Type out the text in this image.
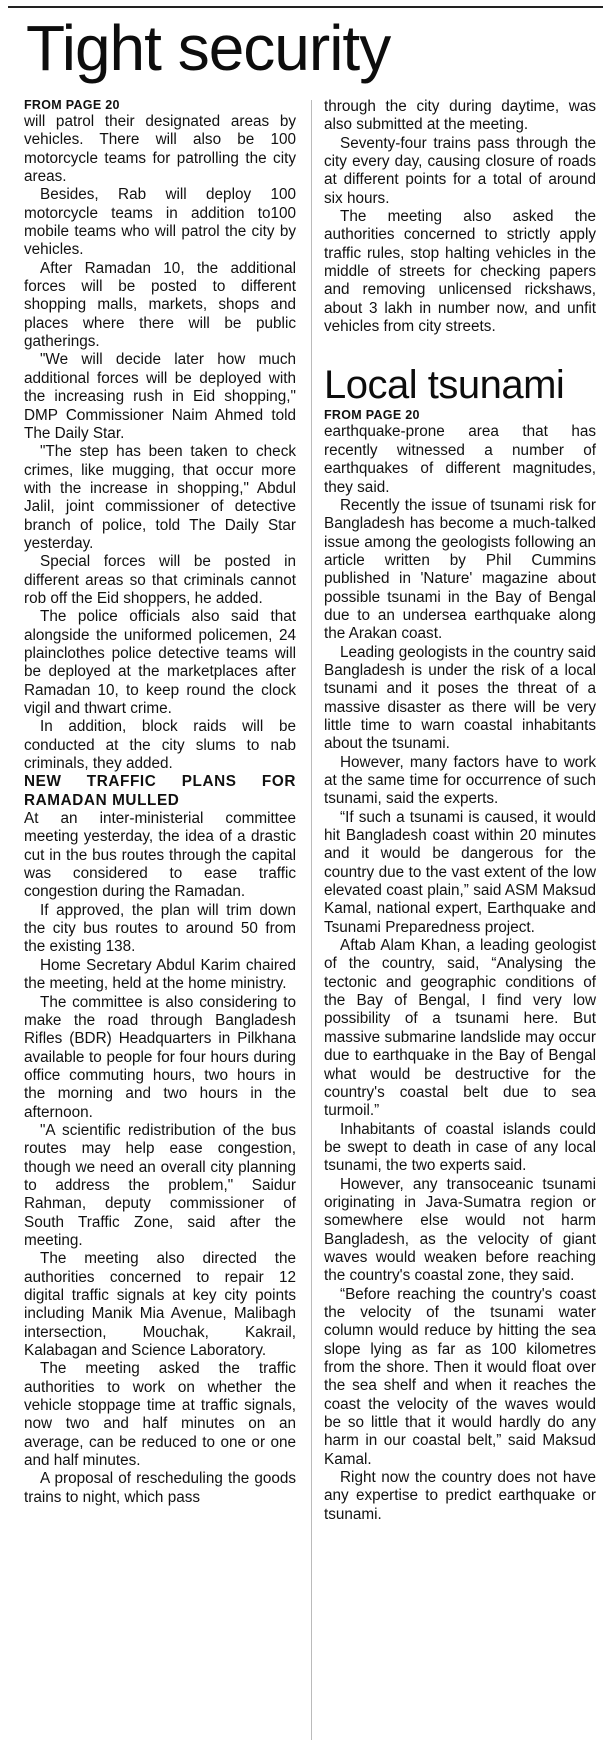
Tight security
FROM PAGE 20

will patrol their designated areas by vehicles. There will also be 100 motorcycle teams for patrolling the city areas.

Besides, Rab will deploy 100 motorcycle teams in addition to100 mobile teams who will patrol the city by vehicles.

After Ramadan 10, the additional forces will be posted to different shopping malls, markets, shops and places where there will be public gatherings.

"We will decide later how much additional forces will be deployed with the increasing rush in Eid shopping," DMP Commissioner Naim Ahmed told The Daily Star.

"The step has been taken to check crimes, like mugging, that occur more with the increase in shopping," Abdul Jalil, joint commissioner of detective branch of police, told The Daily Star yesterday.

Special forces will be posted in different areas so that criminals cannot rob off the Eid shoppers, he added.

The police officials also said that alongside the uniformed policemen, 24 plainclothes police detective teams will be deployed at the marketplaces after Ramadan 10, to keep round the clock vigil and thwart crime.

In addition, block raids will be conducted at the city slums to nab criminals, they added.

NEW TRAFFIC PLANS FOR RAMADAN MULLED

At an inter-ministerial committee meeting yesterday, the idea of a drastic cut in the bus routes through the capital was considered to ease traffic congestion during the Ramadan.

If approved, the plan will trim down the city bus routes to around 50 from the existing 138.

Home Secretary Abdul Karim chaired the meeting, held at the home ministry.

The committee is also considering to make the road through Bangladesh Rifles (BDR) Headquarters in Pilkhana available to people for four hours during office commuting hours, two hours in the morning and two hours in the afternoon.

"A scientific redistribution of the bus routes may help ease congestion, though we need an overall city planning to address the problem," Saidur Rahman, deputy commissioner of South Traffic Zone, said after the meeting.

The meeting also directed the authorities concerned to repair 12 digital traffic signals at key city points including Manik Mia Avenue, Malibagh intersection, Mouchak, Kakrail, Kalabagan and Science Laboratory.

The meeting asked the traffic authorities to work on whether the vehicle stoppage time at traffic signals, now two and half minutes on an average, can be reduced to one or one and half minutes.

A proposal of rescheduling the goods trains to night, which pass

through the city during daytime, was also submitted at the meeting.

Seventy-four trains pass through the city every day, causing closure of roads at different points for a total of around six hours.

The meeting also asked the authorities concerned to strictly apply traffic rules, stop halting vehicles in the middle of streets for checking papers and removing unlicensed rickshaws, about 3 lakh in number now, and unfit vehicles from city streets.

Local tsunami
FROM PAGE 20

earthquake-prone area that has recently witnessed a number of earthquakes of different magnitudes, they said.

Recently the issue of tsunami risk for Bangladesh has become a much-talked issue among the geologists following an article written by Phil Cummins published in 'Nature' magazine about possible tsunami in the Bay of Bengal due to an undersea earthquake along the Arakan coast.

Leading geologists in the country said Bangladesh is under the risk of a local tsunami and it poses the threat of a massive disaster as there will be very little time to warn coastal inhabitants about the tsunami.

However, many factors have to work at the same time for occurrence of such tsunami, said the experts.

“If such a tsunami is caused, it would hit Bangladesh coast within 20 minutes and it would be dangerous for the country due to the vast extent of the low elevated coast plain,” said ASM Maksud Kamal, national expert, Earthquake and Tsunami Preparedness project.

Aftab Alam Khan, a leading geologist of the country, said, “Analysing the tectonic and geographic conditions of the Bay of Bengal, I find very low possibility of a tsunami here. But massive submarine landslide may occur due to earthquake in the Bay of Bengal what would be destructive for the country's coastal belt due to sea turmoil.”

Inhabitants of coastal islands could be swept to death in case of any local tsunami, the two experts said.

However, any transoceanic tsunami originating in Java-Sumatra region or somewhere else would not harm Bangladesh, as the velocity of giant waves would weaken before reaching the country's coastal zone, they said.

“Before reaching the country's coast the velocity of the tsunami water column would reduce by hitting the sea slope lying as far as 100 kilometres from the shore. Then it would float over the sea shelf and when it reaches the coast the velocity of the waves would be so little that it would hardly do any harm in our coastal belt,” said Maksud Kamal.

Right now the country does not have any expertise to predict earthquake or tsunami.
